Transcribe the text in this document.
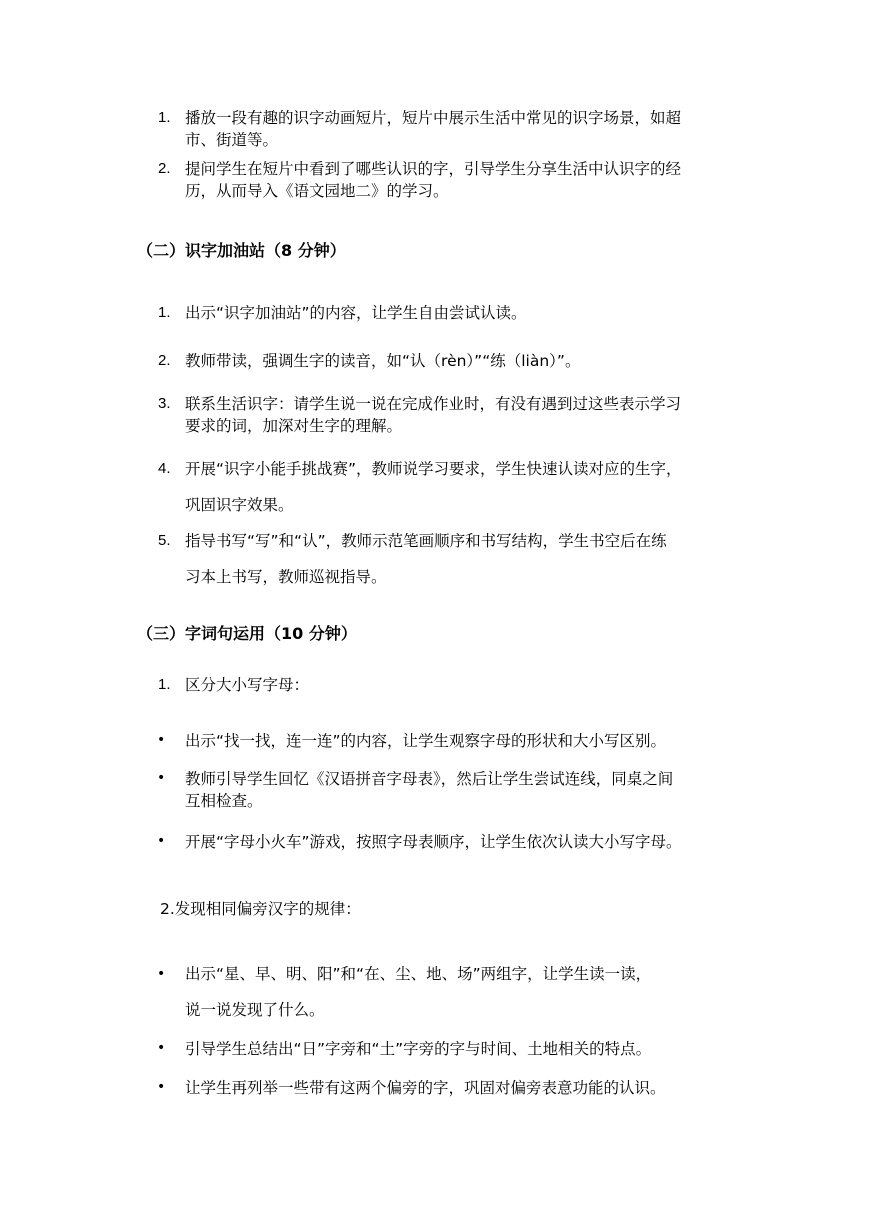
1. 播放一段有趣的识字动画短片，短片中展示生活中常见的识字场景，如超
市、街道等。
2. 提问学生在短片中看到了哪些认识的字，引导学生分享生活中认识字的经
历，从而导入《语文园地二》的学习。
（二）识字加油站（8 分钟）
1. 出示“识字加油站”的内容，让学生自由尝试认读。
2. 教师带读，强调生字的读音，如“认（rèn）”“练（liàn）”。
3. 联系生活识字：请学生说一说在完成作业时，有没有遇到过这些表示学习
要求的词，加深对生字的理解。
4. 开展“识字小能手挑战赛”，教师说学习要求，学生快速认读对应的生字，
巩固识字效果。
5. 指导书写“写”和“认”，教师示范笔画顺序和书写结构，学生书空后在练
习本上书写，教师巡视指导。
（三）字词句运用（10 分钟）
1. 区分大小写字母：
• 出示“找一找，连一连”的内容，让学生观察字母的形状和大小写区别。
• 教师引导学生回忆《汉语拼音字母表》，然后让学生尝试连线，同桌之间
互相检查。
• 开展“字母小火车”游戏，按照字母表顺序，让学生依次认读大小写字母。
2.发现相同偏旁汉字的规律：
• 出示“星、早、明、阳”和“在、尘、地、场”两组字，让学生读一读，
说一说发现了什么。
• 引导学生总结出“日”字旁和“土”字旁的字与时间、土地相关的特点。
• 让学生再列举一些带有这两个偏旁的字，巩固对偏旁表意功能的认识。
